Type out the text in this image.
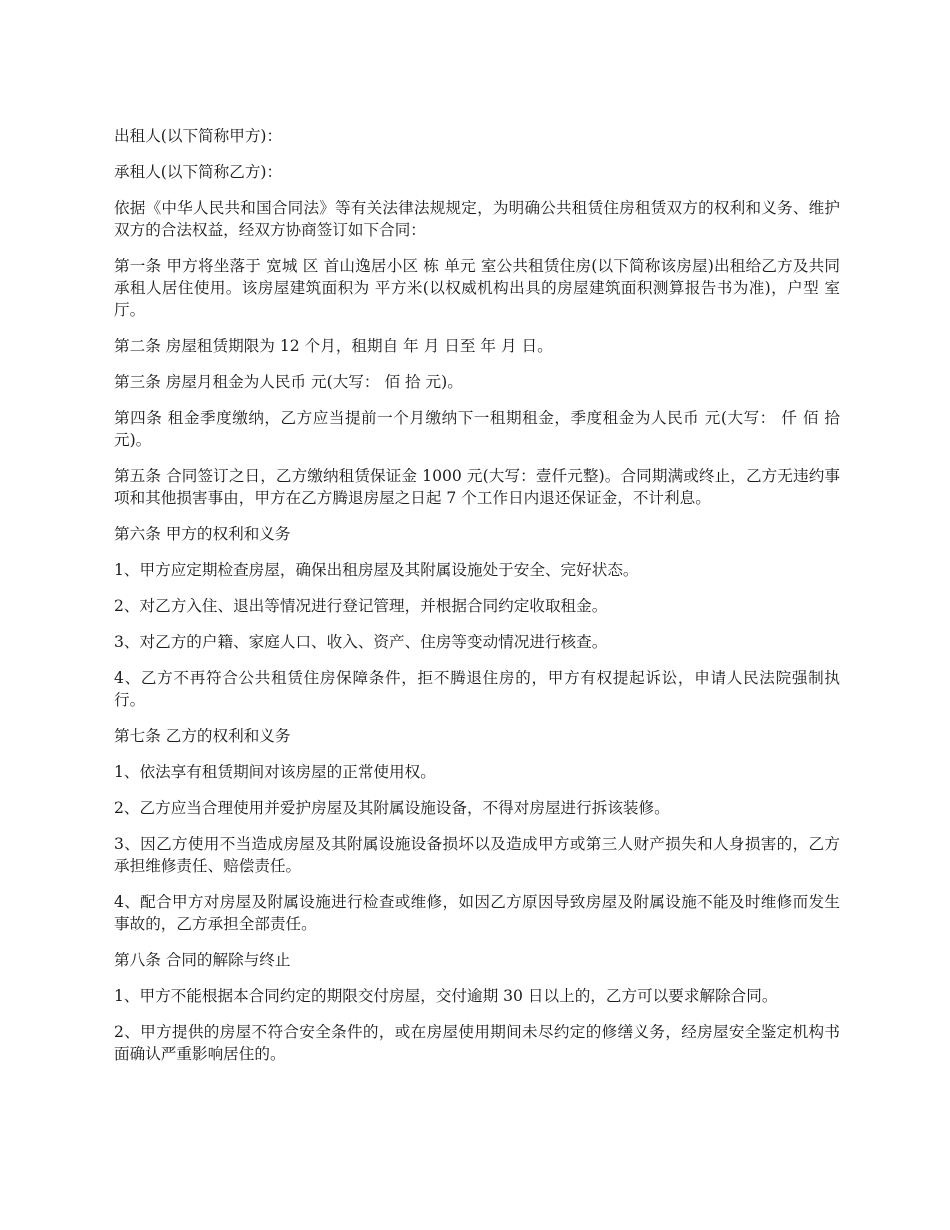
出租人(以下简称甲方)：

承租人(以下简称乙方)：

依据《中华人民共和国合同法》等有关法律法规规定，为明确公共租赁住房租赁双方的权利和义务、维护双方的合法权益，经双方协商签订如下合同：

第一条 甲方将坐落于 宽城 区 首山逸居小区 栋 单元 室公共租赁住房(以下简称该房屋)出租给乙方及共同承租人居住使用。该房屋建筑面积为 平方米(以权威机构出具的房屋建筑面积测算报告书为准)，户型 室 厅。

第二条 房屋租赁期限为 12 个月，租期自 年 月 日至 年 月 日。

第三条 房屋月租金为人民币 元(大写： 佰 拾 元)。

第四条 租金季度缴纳，乙方应当提前一个月缴纳下一租期租金，季度租金为人民币 元(大写： 仟 佰 拾 元)。

第五条 合同签订之日，乙方缴纳租赁保证金 1000 元(大写：壹仟元整)。合同期满或终止，乙方无违约事项和其他损害事由，甲方在乙方腾退房屋之日起 7 个工作日内退还保证金，不计利息。

第六条 甲方的权利和义务

1、甲方应定期检查房屋，确保出租房屋及其附属设施处于安全、完好状态。

2、对乙方入住、退出等情况进行登记管理，并根据合同约定收取租金。

3、对乙方的户籍、家庭人口、收入、资产、住房等变动情况进行核查。

4、乙方不再符合公共租赁住房保障条件，拒不腾退住房的，甲方有权提起诉讼，申请人民法院强制执行。

第七条 乙方的权利和义务

1、依法享有租赁期间对该房屋的正常使用权。

2、乙方应当合理使用并爱护房屋及其附属设施设备，不得对房屋进行拆该装修。

3、因乙方使用不当造成房屋及其附属设施设备损坏以及造成甲方或第三人财产损失和人身损害的，乙方承担维修责任、赔偿责任。

4、配合甲方对房屋及附属设施进行检查或维修，如因乙方原因导致房屋及附属设施不能及时维修而发生事故的，乙方承担全部责任。

第八条 合同的解除与终止

1、甲方不能根据本合同约定的期限交付房屋，交付逾期 30 日以上的，乙方可以要求解除合同。

2、甲方提供的房屋不符合安全条件的，或在房屋使用期间未尽约定的修缮义务，经房屋安全鉴定机构书面确认严重影响居住的。
